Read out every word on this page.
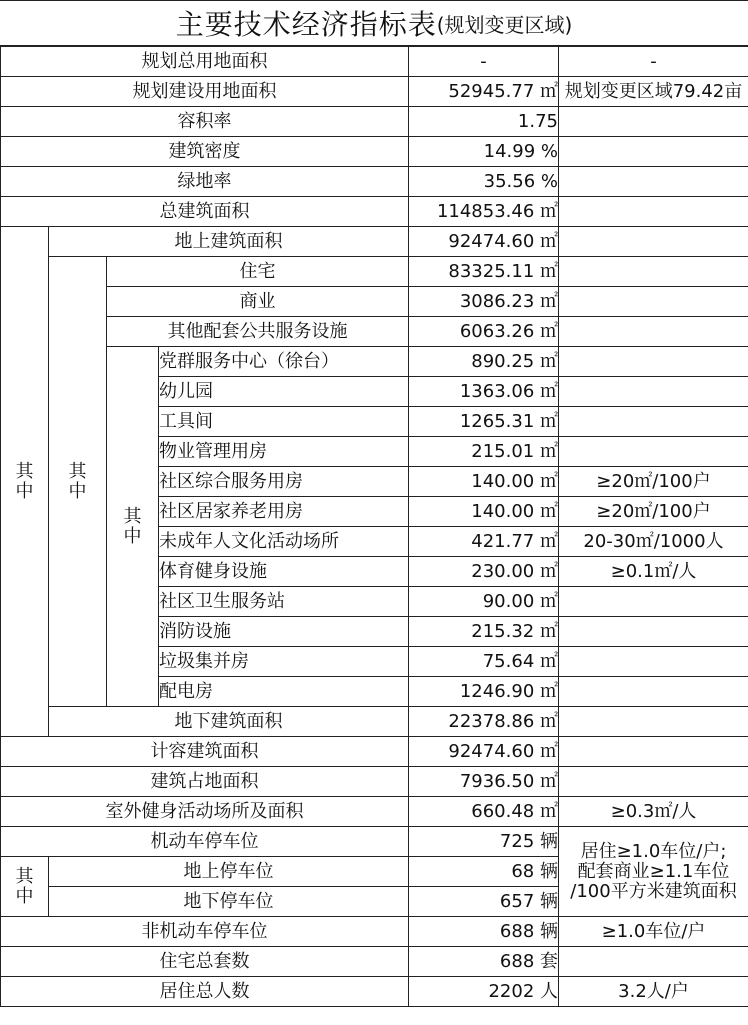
主要技术经济指标表 (规划变更区域)
规划总用地面积				-	-
规划建设用地面积				52945.77 ㎡	规划变更区域79.42亩
容积率				1.75	
建筑密度				14.99 %	
绿地率				35.56 %	
总建筑面积				114853.46 ㎡	
其
中	地上建筑面积			92474.60 ㎡	
	其
中	住宅		83325.11 ㎡	
		商业		3086.23 ㎡	
		其他配套公共服务设施		6063.26 ㎡	
		其
中	党群服务中心（徐台）	890.25 ㎡	
			幼儿园	1363.06 ㎡	
			工具间	1265.31 ㎡	
			物业管理用房	215.01 ㎡	
			社区综合服务用房	140.00 ㎡	≥20㎡/100户
			社区居家养老用房	140.00 ㎡	≥20㎡/100户
			未成年人文化活动场所	421.77 ㎡	20-30㎡/1000人
			体育健身设施	230.00 ㎡	≥0.1㎡/人
			社区卫生服务站	90.00 ㎡	
			消防设施	215.32 ㎡	
			垃圾集并房	75.64 ㎡	
			配电房	1246.90 ㎡	
	地下建筑面积			22378.86 ㎡	
计容建筑面积				92474.60 ㎡	
建筑占地面积				7936.50 ㎡	
室外健身活动场所及面积				660.48 ㎡	≥0.3㎡/人
机动车停车位				725 辆	居住≥1.0车位/户;
配套商业≥1.1车位
/100平方米建筑面积
其
中	地上停车位			68 辆	
	地下停车位			657 辆	
非机动车停车位				688 辆	≥1.0车位/户
住宅总套数				688 套	
居住总人数				2202 人	3.2人/户
